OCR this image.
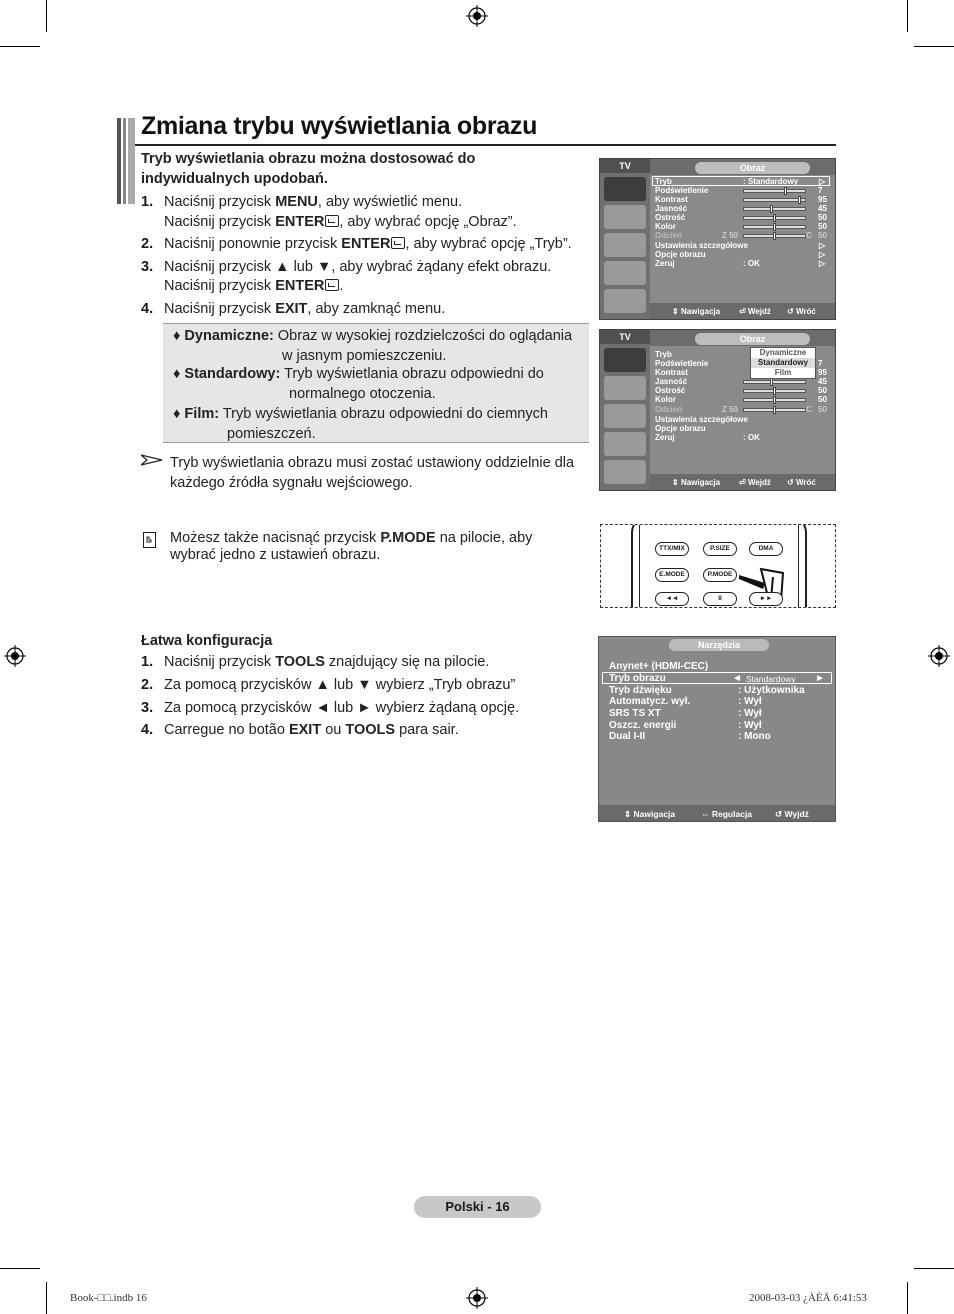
Zmiana trybu wyświetlania obrazu
Tryb wyświetlania obrazu można dostosować do
indywidualnych upodobań.
1. Naciśnij przycisk MENU, aby wyświetlić menu.
Naciśnij przycisk ENTER , aby wybrać opcję „Obraz”.
2. Naciśnij ponownie przycisk ENTER , aby wybrać opcję „Tryb”.
3. Naciśnij przycisk ▲ lub ▼, aby wybrać żądany efekt obrazu.
Naciśnij przycisk ENTER .
4. Naciśnij przycisk EXIT, aby zamknąć menu.
♦ Dynamiczne: Obraz w wysokiej rozdzielczości do oglądania
w jasnym pomieszczeniu.
♦ Standardowy: Tryb wyświetlania obrazu odpowiedni do
normalnego otoczenia.
♦ Film: Tryb wyświetlania obrazu odpowiedni do ciemnych
pomieszczeń.
Tryb wyświetlania obrazu musi zostać ustawiony oddzielnie dla
każdego źródła sygnału wejściowego.
Możesz także nacisnąć przycisk P.MODE na pilocie, aby
wybrać jedno z ustawień obrazu.
Łatwa konfiguracja
1. Naciśnij przycisk TOOLS znajdujący się na pilocie.
2. Za pomocą przycisków ▲ lub ▼ wybierz „Tryb obrazu”
3. Za pomocą przycisków ◄ lub ► wybierz żądaną opcję.
4. Carregue no botão EXIT ou TOOLS para sair.
TV	Obraz
Tryb	: Standardowy	▷
Podświetlenie	7
Kontrast	95
Jasność	45
Ostrość	50
Kolor	50
Odcień	Z 50	C 50
Ustawienia szczegółowe	▷
Opcje obrazu	▷
Zeruj	: OK	▷
⇕ Nawigacja ⏎ Wejdź ↺ Wróć
TV	Obraz
Tryb
Podświetlenie	7
Kontrast	95
Jasność	45
Ostrość	50
Kolor	50
Odcień	Z 50	C 50
Ustawienia szczegółowe
Opcje obrazu
Zeruj	: OK
Dynamiczne
Standardowy
Film
⇕ Nawigacja ⏎ Wejdź ↺ Wróć
TTX/MIX	P.SIZE	DMA
E.MODE	P.MODE
◄◄	II	►►
Narzędzia
Anynet+ (HDMI-CEC)
Tryb obrazu	◄ Standardowy ►
Tryb dźwięku	: Użytkownika
Automatycz. wył.	: Wył
SRS TS XT	: Wył
Oszcz. energii	: Wył
Dual I-II	: Mono
⇕ Nawigacja	⇔ Regulacja	↺ Wyjdź
Polski - 16
Book-□□.indb 16	2008-03-03 ¿ÀÈÄ 6:41:53
